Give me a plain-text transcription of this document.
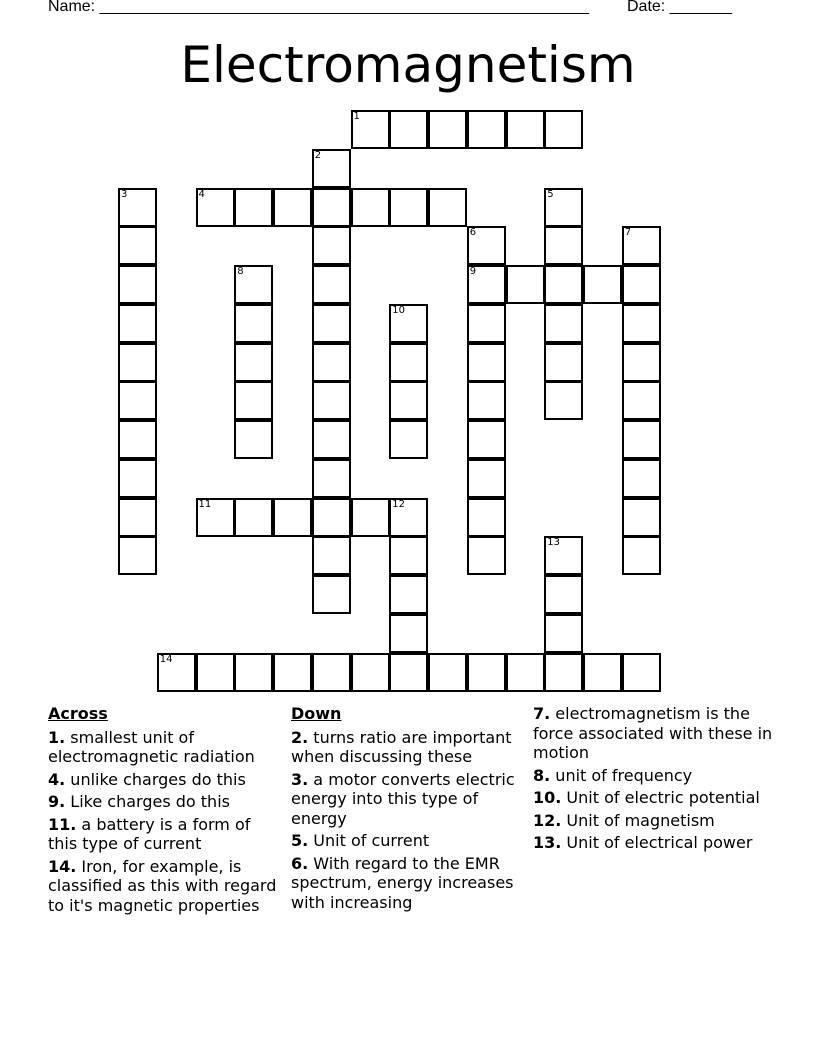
Name: _______________________________________________________ Date: _______
Electromagnetism
1
2
3	4	5
6
9
7
8
10
11	12
13
14
Across
1. smallest unit of electromagnetic radiation
4. unlike charges do this
9. Like charges do this
11. a battery is a form of this type of current
14. Iron, for example, is classified as this with regard to it's magnetic properties
Down
2. turns ratio are important when discussing these
3. a motor converts electric energy into this type of energy
5. Unit of current
6. With regard to the EMR spectrum, energy increases with increasing
7. electromagnetism is the force associated with these in motion
8. unit of frequency
10. Unit of electric potential
12. Unit of magnetism
13. Unit of electrical power
